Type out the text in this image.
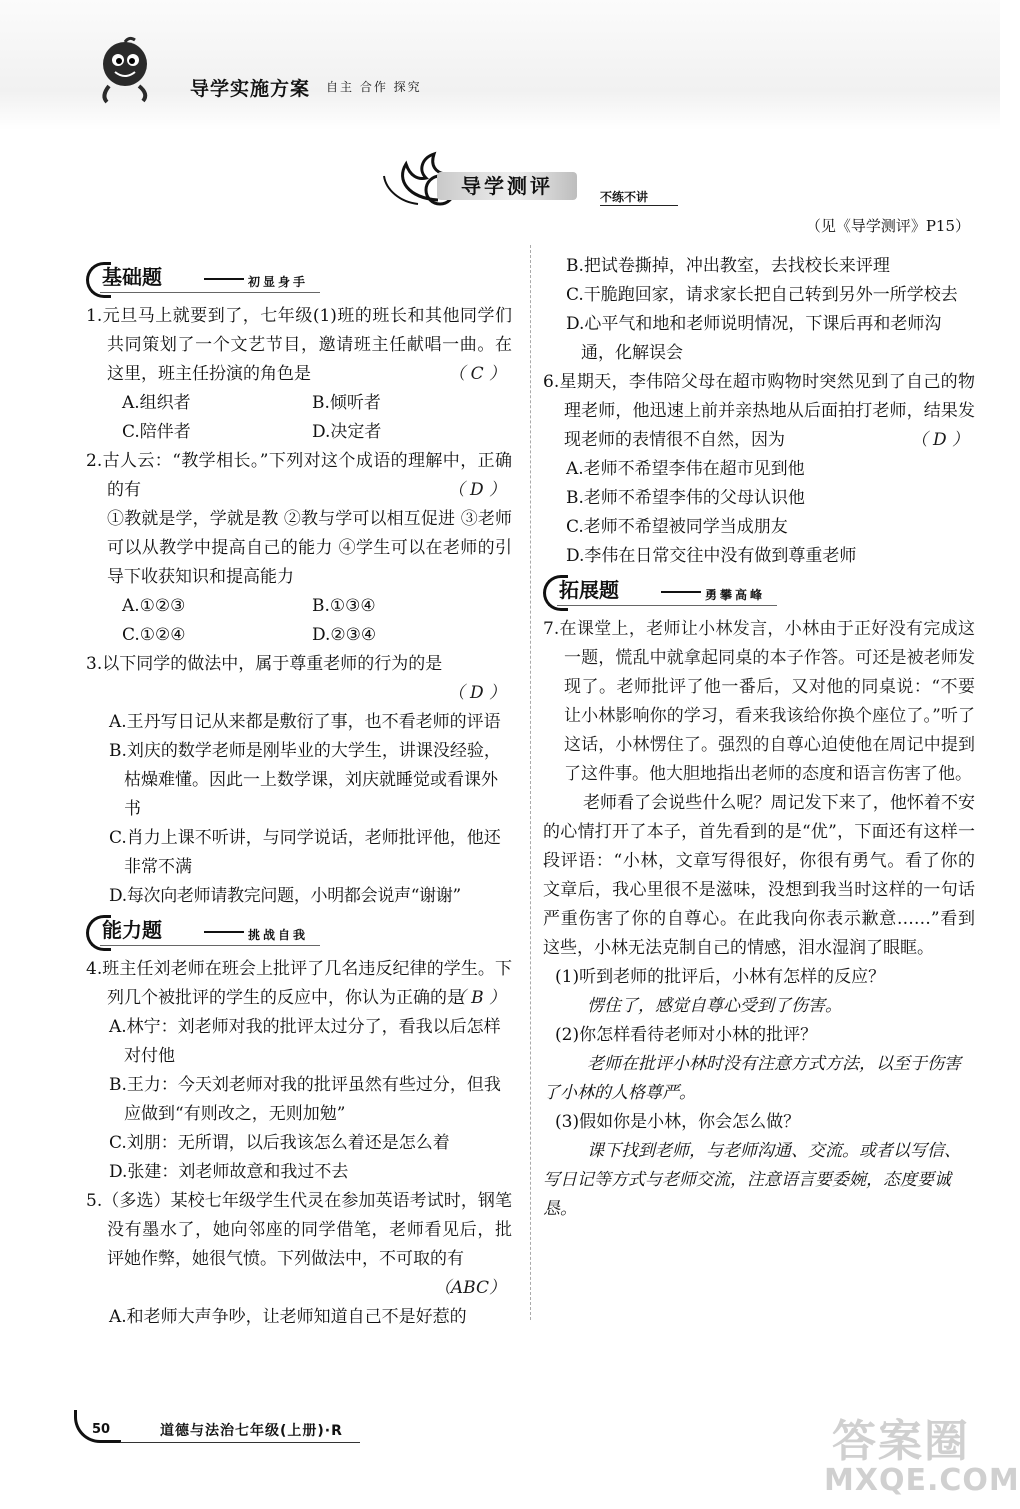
导学实施方案 自主 合作 探究
导学测评	不练不讲
（见《导学测评》P15）
基础题	初显身手
1.元旦马上就要到了，七年级(1)班的班长和其他同学们共同策划了一个文艺节目，邀请班主任献唱一曲。在这里，班主任扮演的角色是	（ C ）
A.组织者	B.倾听者
C.陪伴者	D.决定者
2.古人云：“教学相长。”下列对这个成语的理解中，正确的有	（ D ）
①教就是学，学就是教 ②教与学可以相互促进 ③老师可以从教学中提高自己的能力 ④学生可以在老师的引导下收获知识和提高能力
A.①②③	B.①③④
C.①②④	D.②③④
3.以下同学的做法中，属于尊重老师的行为的是
（ D ）
A.王丹写日记从来都是敷衍了事，也不看老师的评语
B.刘庆的数学老师是刚毕业的大学生，讲课没经验，枯燥难懂。因此一上数学课，刘庆就睡觉或看课外书
C.肖力上课不听讲，与同学说话，老师批评他，他还非常不满
D.每次向老师请教完问题，小明都会说声“谢谢”
能力题	挑战自我
4.班主任刘老师在班会上批评了几名违反纪律的学生。下列几个被批评的学生的反应中，你认为正确的是
（ B ）
A.林宁：刘老师对我的批评太过分了，看我以后怎样对付他
B.王力：今天刘老师对我的批评虽然有些过分，但我应做到“有则改之，无则加勉”
C.刘朋：无所谓，以后我该怎么着还是怎么着
D.张建：刘老师故意和我过不去
5.（多选）某校七年级学生代灵在参加英语考试时，钢笔没有墨水了，她向邻座的同学借笔，老师看见后，批评她作弊，她很气愤。下列做法中，不可取的有
（ABC）
A.和老师大声争吵，让老师知道自己不是好惹的
B.把试卷撕掉，冲出教室，去找校长来评理
C.干脆跑回家，请求家长把自己转到另外一所学校去
D.心平气和地和老师说明情况，下课后再和老师沟通，化解误会
6.星期天，李伟陪父母在超市购物时突然见到了自己的物理老师，他迅速上前并亲热地从后面拍打老师，结果发现老师的表情很不自然，因为	（ D ）
A.老师不希望李伟在超市见到他
B.老师不希望李伟的父母认识他
C.老师不希望被同学当成朋友
D.李伟在日常交往中没有做到尊重老师
拓展题	勇攀高峰
7.在课堂上，老师让小林发言，小林由于正好没有完成这一题，慌乱中就拿起同桌的本子作答。可还是被老师发现了。老师批评了他一番后，又对他的同桌说：“不要让小林影响你的学习，看来我该给你换个座位了。”听了这话，小林愣住了。强烈的自尊心迫使他在周记中提到了这件事。他大胆地指出老师的态度和语言伤害了他。
老师看了会说些什么呢？周记发下来了，他怀着不安的心情打开了本子，首先看到的是“优”，下面还有这样一段评语：“小林，文章写得很好，你很有勇气。看了你的文章后，我心里很不是滋味，没想到我当时这样的一句话严重伤害了你的自尊心。在此我向你表示歉意……”看到这些，小林无法克制自己的情感，泪水湿润了眼眶。
(1)听到老师的批评后，小林有怎样的反应？
愣住了，感觉自尊心受到了伤害。
(2)你怎样看待老师对小林的批评？
老师在批评小林时没有注意方式方法，以至于伤害了小林的人格尊严。
(3)假如你是小林，你会怎么做？
课下找到老师，与老师沟通、交流。或者以写信、写日记等方式与老师交流，注意语言要委婉，态度要诚恳。
50	道德与法治七年级(上册)·R	答案圈
MXQE.COM
